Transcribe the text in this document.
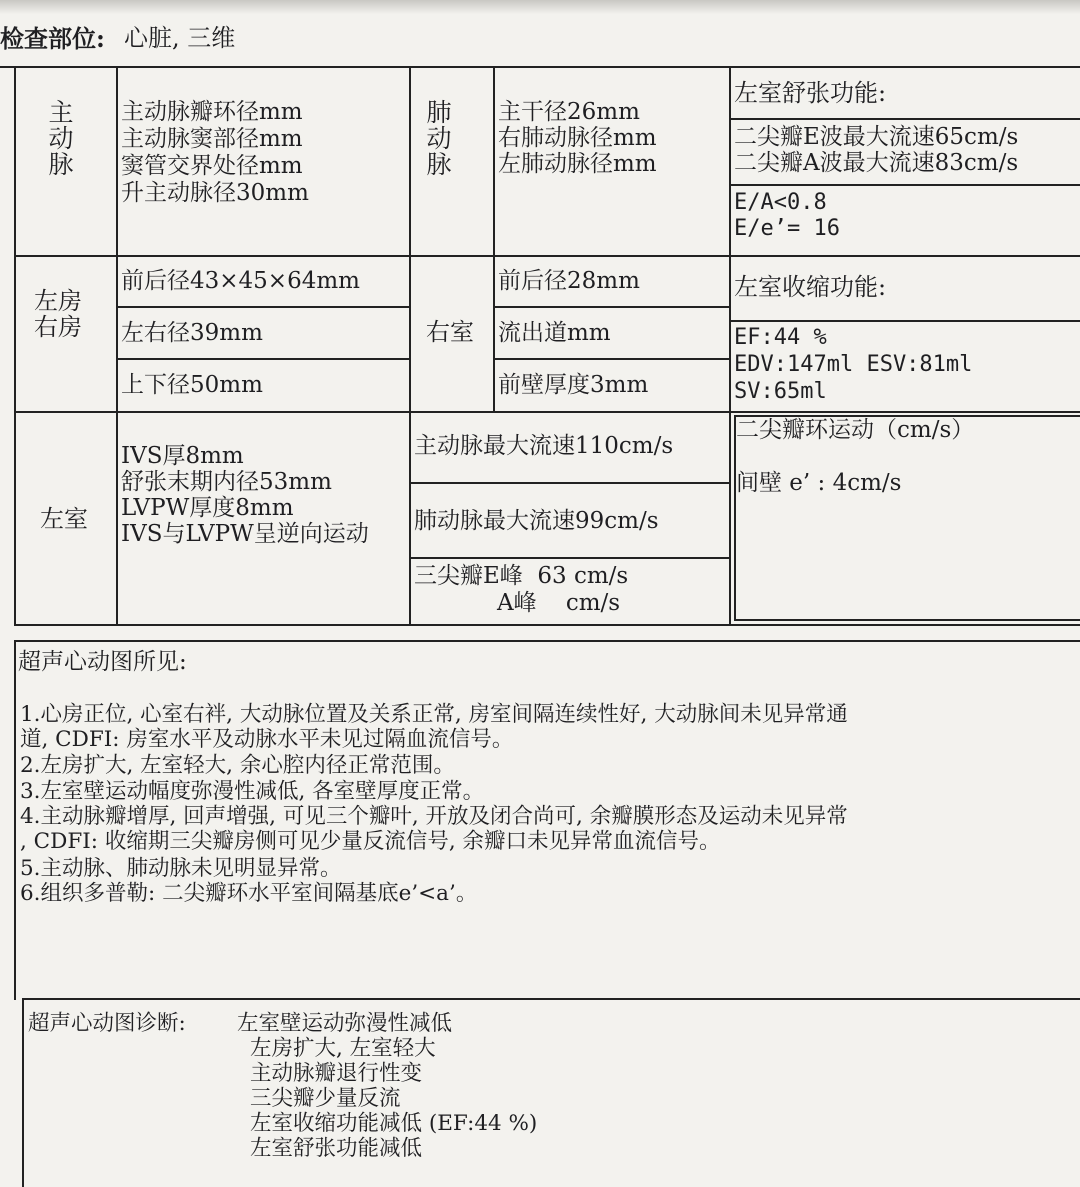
检查部位: 心脏, 三维
主
动
脉
主动脉瓣环径mm
主动脉窦部径mm
窦管交界处径mm
升主动脉径30mm
肺
动
脉
主干径26mm
右肺动脉径mm
左肺动脉径mm
左室舒张功能:
二尖瓣E波最大流速65cm/s
二尖瓣A波最大流速83cm/s
E/A<0.8
E/e’= 16
左房
右房
前后径43×45×64mm
左右径39mm
上下径50mm
右室
前后径28mm
流出道mm
前壁厚度3mm
左室收缩功能:
EF:44 %
EDV:147ml ESV:81ml
SV:65ml
左室
IVS厚8mm
舒张末期内径53mm
LVPW厚度8mm
IVS与LVPW呈逆向运动
主动脉最大流速110cm/s
肺动脉最大流速99cm/s
三尖瓣E峰  63 cm/s
A峰    cm/s
二尖瓣环运动（cm/s）
间壁 e’ : 4cm/s
超声心动图所见:
1.心房正位, 心室右袢, 大动脉位置及关系正常, 房室间隔连续性好, 大动脉间未见异常通
道, CDFI: 房室水平及动脉水平未见过隔血流信号。
2.左房扩大, 左室轻大, 余心腔内径正常范围。
3.左室壁运动幅度弥漫性减低, 各室壁厚度正常。
4.主动脉瓣增厚, 回声增强, 可见三个瓣叶, 开放及闭合尚可, 余瓣膜形态及运动未见异常
, CDFI: 收缩期三尖瓣房侧可见少量反流信号, 余瓣口未见异常血流信号。
5.主动脉、肺动脉未见明显异常。
6.组织多普勒: 二尖瓣环水平室间隔基底e’<a’。
超声心动图诊断: 左室壁运动弥漫性减低
左房扩大, 左室轻大
主动脉瓣退行性变
三尖瓣少量反流
左室收缩功能减低 (EF:44 %)
左室舒张功能减低
